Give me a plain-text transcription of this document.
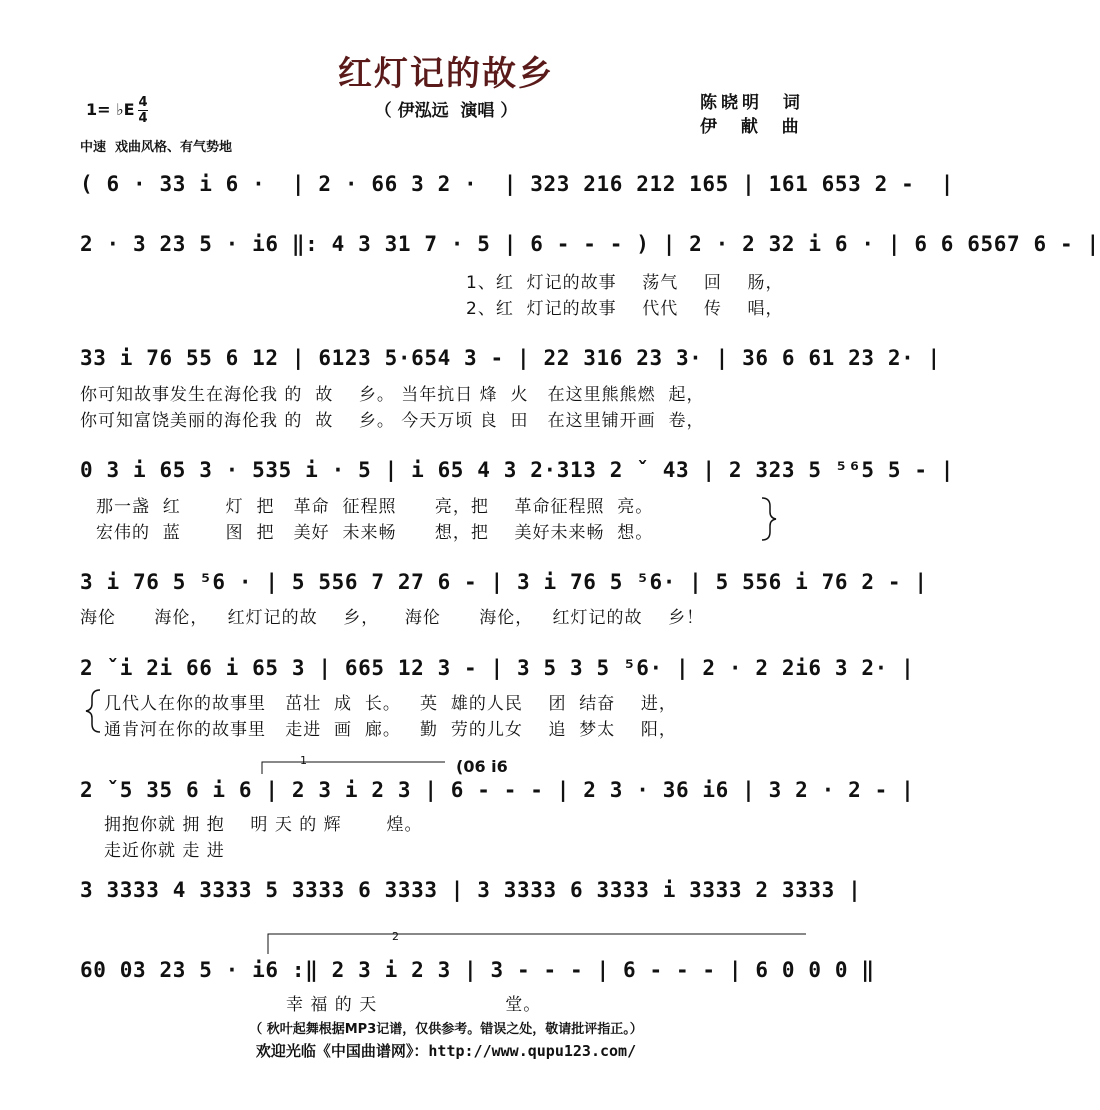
红灯记的故乡
（ 伊泓远  演唱 ）	陈晓明  词
伊  献  曲
1= ♭E 4
4
中速  戏曲风格、有气势地
( 6 · 33 i 6 ·  | 2 · 66 3 2 ·  | 323 216 212 165 | 161 653 2 -  |
2 · 3 23 5 · i6 ‖: 4 3 31 7 · 5 | 6 - - - ) | 2 · 2 32 i 6 · | 6 6 6567 6 - |
1、红  灯记的故事    荡气    回    肠，
2、红  灯记的故事    代代    传    唱，
33 i 76 55 6 12 | 6123 5·654 3 - | 22 316 23 3· | 36 6 61 23 2· |
你可知故事发生在海伦我 的  故    乡。 当年抗日 烽  火   在这里熊熊燃  起，
你可知富饶美丽的海伦我 的  故    乡。 今天万顷 良  田   在这里铺开画  卷，
0 3 i 65 3 · 535 i · 5 | i 65 4 3 2·313 2 ˇ 43 | 2 323 5 ⁵⁶5 5 - |
那一盏  红       灯  把   革命  征程照      亮，把    革命征程照  亮。
宏伟的  蓝       图  把   美好  未来畅      想，把    美好未来畅  想。
3 i 76 5 ⁵6 · | 5 556 7 27 6 - | 3 i 76 5 ⁵6· | 5 556 i 76 2 - |
海伦      海伦，   红灯记的故    乡，    海伦      海伦，   红灯记的故    乡！
2 ˇi 2i 66 i 65 3 | 665 12 3 - | 3 5 3 5 ⁵6· | 2 · 2 2i6 3 2· |
几代人在你的故事里   茁壮  成  长。   英  雄的人民    团  结奋    进，
通肯河在你的故事里   走进  画  廊。   勤  劳的儿女    追  梦太    阳，
(06 i6
1
2 ˇ5 35 6 i 6 | 2 3 i 2 3 | 6 - - - | 2 3 · 36 i6 | 3 2 · 2 - |
拥抱你就 拥 抱    明 天 的 辉       煌。
走近你就 走 进
3 3333 4 3333 5 3333 6 3333 | 3 3333 6 3333 i 3333 2 3333 |
2
60 03 23 5 · i6 :‖ 2 3 i 2 3 | 3 - - - | 6 - - - | 6 0 0 0 ‖
幸 福 的 天                    堂。
（ 秋叶起舞根据MP3记谱，仅供参考。错误之处，敬请批评指正。）
欢迎光临《中国曲谱网》：http://www.qupu123.com/
